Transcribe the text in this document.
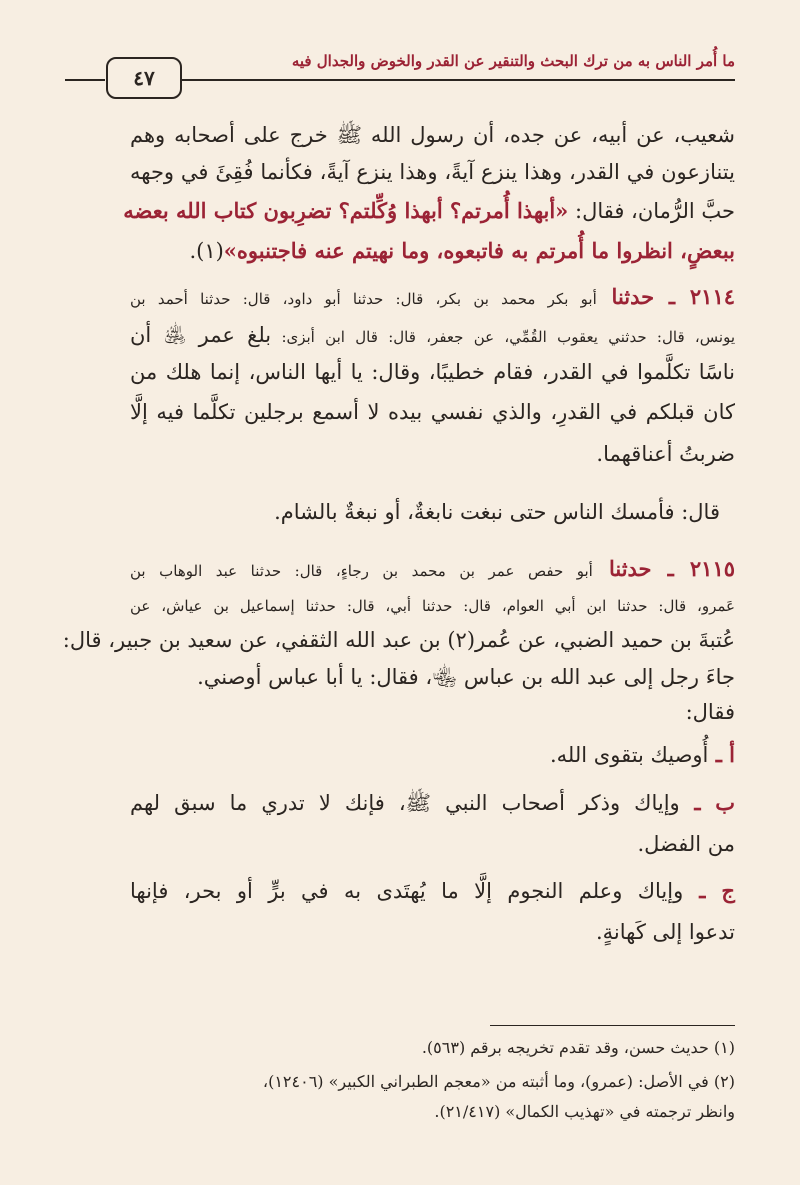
ما أُمر الناس به من ترك البحث والتنقير عن القدر والخوض والجدال فيه
٤٧
شعيب، عن أبيه، عن جده، أن رسول الله ﷺ خرج على أصحابه وهم
يتنازعون في القدر، وهذا ينزع آيةً، وهذا ينزع آيةً، فكأنما فُقِئَ في وجهه
حبَّ الرُّمان، فقال: «أبهذا أُمرتم؟ أبهذا وُكِّلتم؟ تضرِبون كتاب الله بعضه
ببعضٍ، انظروا ما أُمرتم به فاتبعوه، وما نهيتم عنه فاجتنبوه»(١).
٢١١٤ ـ حدثنا أبو بكر محمد بن بكر، قال: حدثنا أبو داود، قال: حدثنا أحمد بن
يونس، قال: حدثني يعقوب القُمِّي، عن جعفر، قال: قال ابن أبزى: بلغ عمر ﵁ أن
ناسًا تكلَّموا في القدر، فقام خطيبًا، وقال: يا أيها الناس، إنما هلك من
كان قبلكم في القدرِ، والذي نفسي بيده لا أسمع برجلين تكلَّما فيه إلَّا
ضربتُ أعناقهما.
قال: فأمسك الناس حتى نبغت نابغةٌ، أو نبغةٌ بالشام.
٢١١٥ ـ حدثنا أبو حفص عمر بن محمد بن رجاءٍ، قال: حدثنا عبد الوهاب بن
عَمرو، قال: حدثنا ابن أبي العوام، قال: حدثنا أبي، قال: حدثنا إسماعيل بن عياش، عن
عُتبةَ بن حميد الضبي، عن عُمر(٢) بن عبد الله الثقفي، عن سعيد بن جبير، قال:
جاءَ رجل إلى عبد الله بن عباس ﵄، فقال: يا أبا عباس أوصني.
فقال:
أ ـ أُوصيك بتقوى الله.
ب ـ وإياك وذكر أصحاب النبي ﷺ، فإنك لا تدري ما سبق لهم
من الفضل.
ج ـ وإياك وعلم النجوم إلَّا ما يُهتَدى به في برٍّ أو بحر، فإنها
تدعوا إلى كَهانةٍ.
(١) حديث حسن، وقد تقدم تخريجه برقم (٥٦٣).
(٢) في الأصل: (عمرو)، وما أثبته من «معجم الطبراني الكبير» (١٢٤٠٦)،
وانظر ترجمته في «تهذيب الكمال» (٢١/٤١٧).
